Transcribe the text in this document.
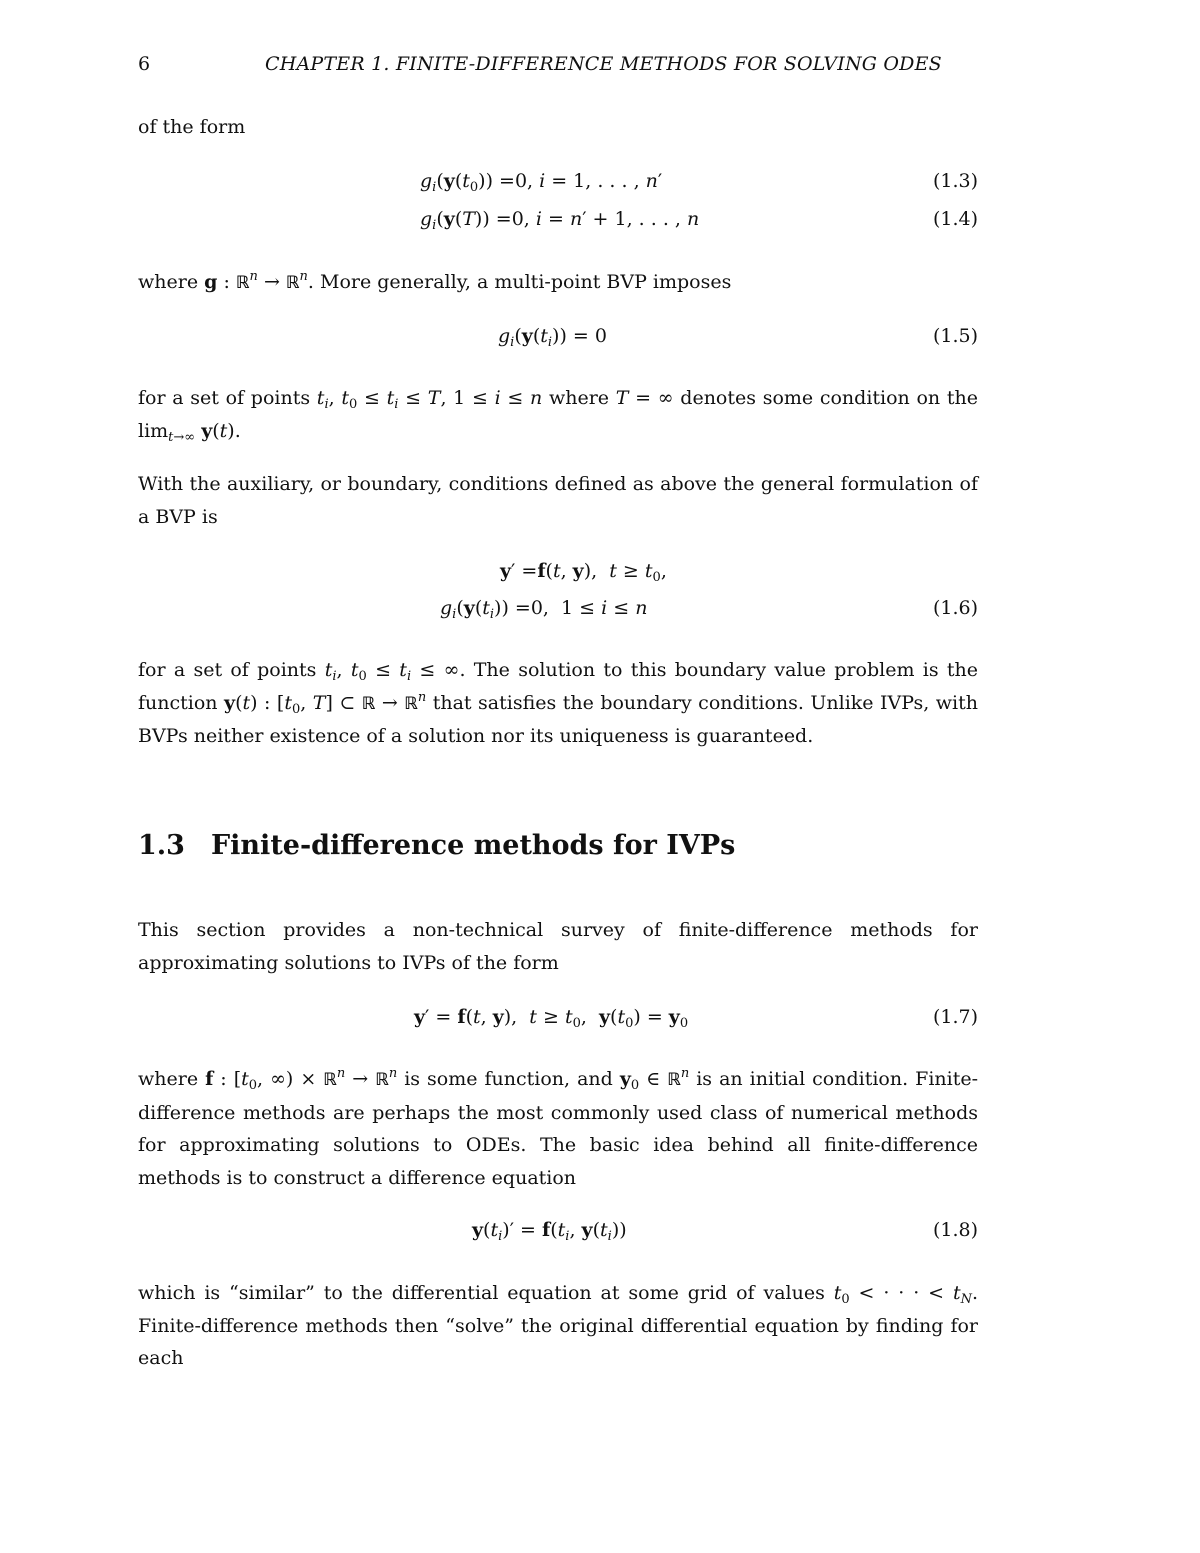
6	CHAPTER 1. FINITE-DIFFERENCE METHODS FOR SOLVING ODES
of the form
$g_i(y(t_0)) =0$, i = 1, . . . , n′	(1.3)
$g_i(y(T)) =0$, i = n′ + 1, . . . , n	(1.4)
where g : ℝ$^n$ → ℝ$^n$. More generally, a multi-point BVP imposes
$g_i(y(t_i)) = 0$	(1.5)
for a set of points $t_i$, $t_0 \le t_i \le T$, 1 ≤ i ≤ n where T = ∞ denotes some condition on the $\lim_{t\to\infty} y(t)$.
With the auxiliary, or boundary, conditions defined as above the general formulation of a BVP is
y′ =f(t, y),  $t \ge t_0$,
$g_i(y(t_i)) =0$,  1 ≤ i ≤ n	(1.6)
for a set of points $t_i$, $t_0 \le t_i$ ≤ ∞. The solution to this boundary value problem is the function y(t) : [$t_0$, T] ⊂ ℝ → ℝ$^n$ that satisfies the boundary conditions. Unlike IVPs, with BVPs neither existence of a solution nor its uniqueness is guaranteed.
1.3 Finite-difference methods for IVPs
This section provides a non-technical survey of finite-difference methods for approximating solutions to IVPs of the form
y′ = f(t, y),  $t \ge t_0$,  $y(t_0) = y_0$	(1.7)
where f : [$t_0$, ∞) × ℝ$^n$ → ℝ$^n$ is some function, and $y_0$ ∈ ℝ$^n$ is an initial condition. Finite-difference methods are perhaps the most commonly used class of numerical methods for approximating solutions to ODEs. The basic idea behind all finite-difference methods is to construct a difference equation
$y(t_i)' = f(t_i$, $y(t_i)$)	(1.8)
which is “similar” to the differential equation at some grid of values $t_0$ < · · · < $t_N$. Finite-difference methods then “solve” the original differential equation by finding for each
